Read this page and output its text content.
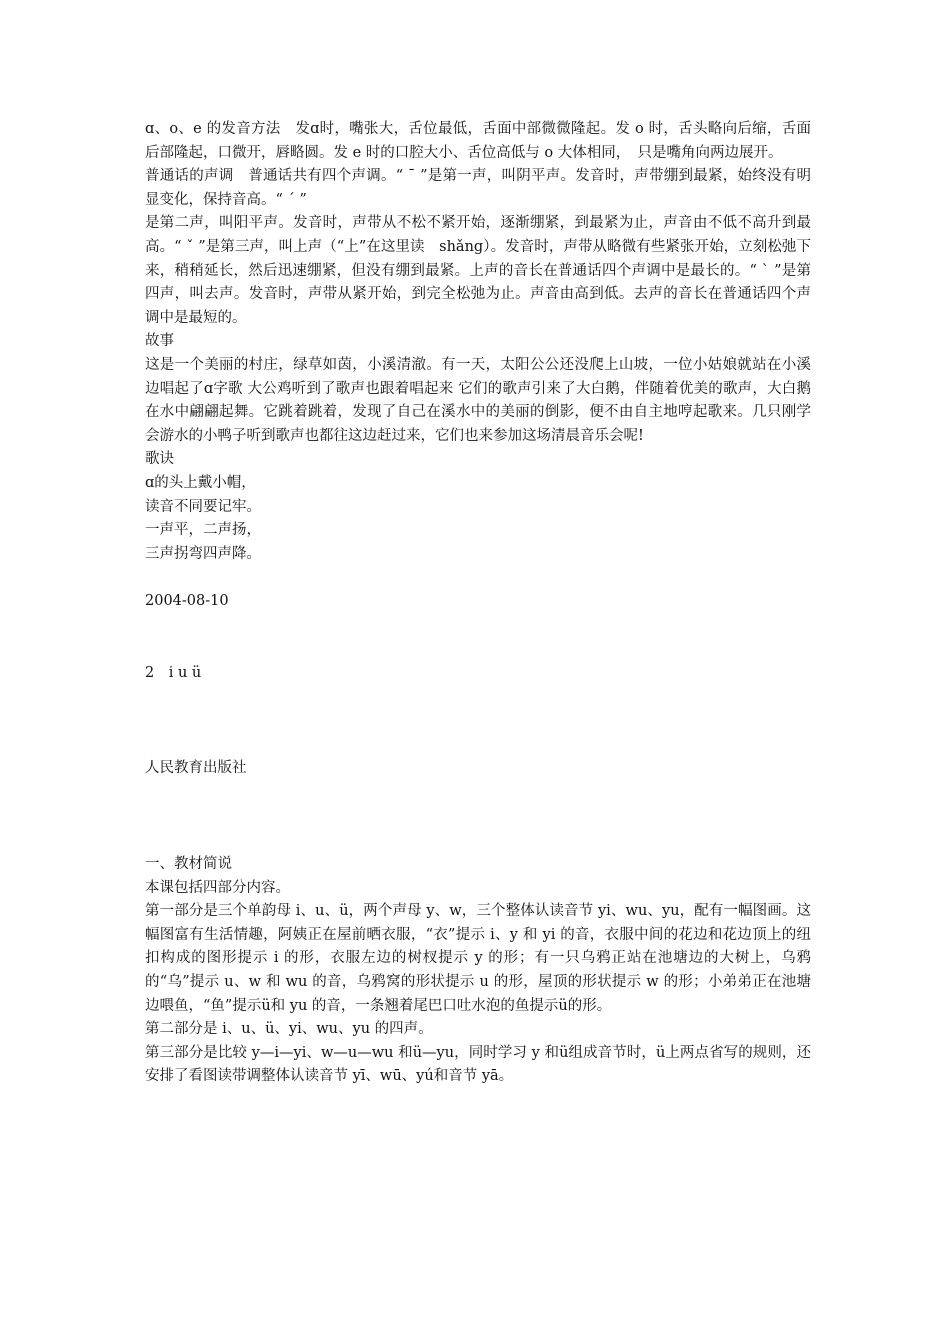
ɑ、o、e 的发音方法　发ɑ时，嘴张大，舌位最低，舌面中部微微隆起。发 o 时，舌头略向后缩，舌面后部隆起，口微开，唇略圆。发 e 时的口腔大小、舌位高低与 o 大体相同，　只是嘴角向两边展开。

普通话的声调　普通话共有四个声调。“ ˉ ”是第一声，叫阴平声。发音时，声带绷到最紧，始终没有明显变化，保持音高。“ ˊ ”

是第二声，叫阳平声。发音时，声带从不松不紧开始，逐渐绷紧，到最紧为止，声音由不低不高升到最高。“ ˇ ”是第三声，叫上声（“上”在这里读　shǎng）。发音时，声带从略微有些紧张开始，立刻松弛下来，稍稍延长，然后迅速绷紧，但没有绷到最紧。上声的音长在普通话四个声调中是最长的。“ ˋ ”是第四声，叫去声。发音时，声带从紧开始，到完全松弛为止。声音由高到低。去声的音长在普通话四个声调中是最短的。

故事

这是一个美丽的村庄，绿草如茵，小溪清澈。有一天，太阳公公还没爬上山坡，一位小姑娘就站在小溪边唱起了ɑ字歌 大公鸡听到了歌声也跟着唱起来 它们的歌声引来了大白鹅，伴随着优美的歌声，大白鹅在水中翩翩起舞。它跳着跳着，发现了自己在溪水中的美丽的倒影，便不由自主地哼起歌来。几只刚学会游水的小鸭子听到歌声也都往这边赶过来，它们也来参加这场清晨音乐会呢!

歌诀

ɑ的头上戴小帽，

读音不同要记牢。

一声平，二声扬，

三声拐弯四声降。

2004-08-10

2　i u ü

人民教育出版社

一、教材简说

本课包括四部分内容。

第一部分是三个单韵母 i、u、ü，两个声母 y、w，三个整体认读音节 yi、wu、yu，配有一幅图画。这幅图富有生活情趣，阿姨正在屋前晒衣服，“衣”提示 i、y 和 yi 的音，衣服中间的花边和花边顶上的纽扣构成的图形提示 i 的形，衣服左边的树杈提示 y 的形；有一只乌鸦正站在池塘边的大树上，乌鸦的“乌”提示 u、w 和 wu 的音，乌鸦窝的形状提示 u 的形，屋顶的形状提示 w 的形；小弟弟正在池塘边喂鱼，“鱼”提示ü和 yu 的音，一条翘着尾巴口吐水泡的鱼提示ü的形。

第二部分是 i、u、ü、yi、wu、yu 的四声。

第三部分是比较 y—i—yi、w—u—wu 和ü—yu，同时学习 y 和ü组成音节时，ü上两点省写的规则，还安排了看图读带调整体认读音节 yī、wū、yú和音节 yā。
